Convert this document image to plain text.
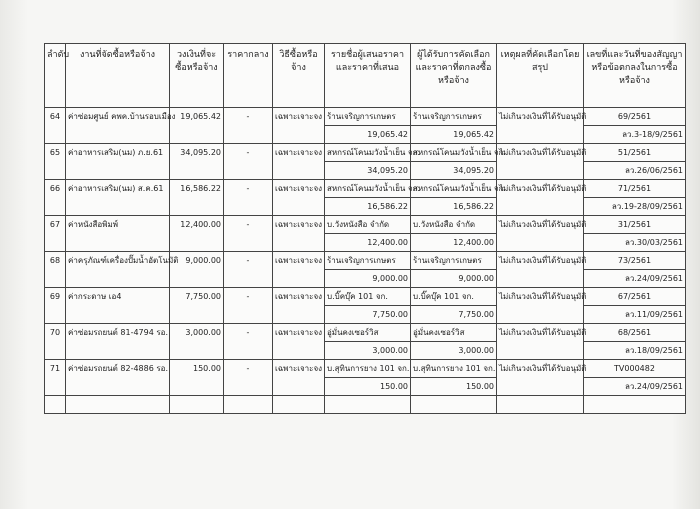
ลำดับ	งานที่จัดซื้อหรือจ้าง	วงเงินที่จะซื้อหรือจ้าง	ราคากลาง	วิธีซื้อหรือจ้าง	รายชื่อผู้เสนอราคาและราคาที่เสนอ	ผู้ได้รับการคัดเลือกและราคาที่ตกลงซื้อหรือจ้าง	เหตุผลที่คัดเลือกโดยสรุป	เลขที่และวันที่ของสัญญาหรือข้อตกลงในการซื้อหรือจ้าง
64	ค่าซ่อมศูนย์ คพค.บ้านรอบเมือง	19,065.42	-	เฉพาะเจาะจง	ร้านเจริญการเกษตร	ร้านเจริญการเกษตร	ไม่เกินวงเงินที่ได้รับอนุมัติ	69/2561
					19,065.42	19,065.42		ลว.3-18/9/2561
65	ค่าอาหารเสริม(นม) ภ.ย.61	34,095.20	-	เฉพาะเจาะจง	สหกรณ์โคนมวังน้ำเย็น จก.	สหกรณ์โคนมวังน้ำเย็น จก.	ไม่เกินวงเงินที่ได้รับอนุมัติ	51/2561
					34,095.20	34,095.20		ลว.26/06/2561
66	ค่าอาหารเสริม(นม) ส.ค.61	16,586.22	-	เฉพาะเจาะจง	สหกรณ์โคนมวังน้ำเย็น จก.	สหกรณ์โคนมวังน้ำเย็น จก.	ไม่เกินวงเงินที่ได้รับอนุมัติ	71/2561
					16,586.22	16,586.22		ลว.19-28/09/2561
67	ค่าหนังสือพิมพ์	12,400.00	-	เฉพาะเจาะจง	บ.วังหนังสือ จำกัด	บ.วังหนังสือ จำกัด	ไม่เกินวงเงินที่ได้รับอนุมัติ	31/2561
					12,400.00	12,400.00		ลว.30/03/2561
68	ค่าครุภัณฑ์เครื่องปั๊มน้ำอัตโนมัติ	9,000.00	-	เฉพาะเจาะจง	ร้านเจริญการเกษตร	ร้านเจริญการเกษตร	ไม่เกินวงเงินที่ได้รับอนุมัติ	73/2561
					9,000.00	9,000.00		ลว.24/09/2561
69	ค่ากระดาษ เอ4	7,750.00	-	เฉพาะเจาะจง	บ.บิ๊คบุ๊ค 101 จก.	บ.บิ๊คบุ๊ค 101 จก.	ไม่เกินวงเงินที่ได้รับอนุมัติ	67/2561
					7,750.00	7,750.00		ลว.11/09/2561
70	ค่าซ่อมรถยนต์ 81-4794 รอ.	3,000.00	-	เฉพาะเจาะจง	อู่มั่นคงเซอร์วิส	อู่มั่นคงเซอร์วิส	ไม่เกินวงเงินที่ได้รับอนุมัติ	68/2561
					3,000.00	3,000.00		ลว.18/09/2561
71	ค่าซ่อมรถยนต์ 82-4886 รอ.	150.00	-	เฉพาะเจาะจง	บ.สุทินการยาง 101 จก.	บ.สุทินการยาง 101 จก.	ไม่เกินวงเงินที่ได้รับอนุมัติ	TV000482
					150.00	150.00		ลว.24/09/2561
